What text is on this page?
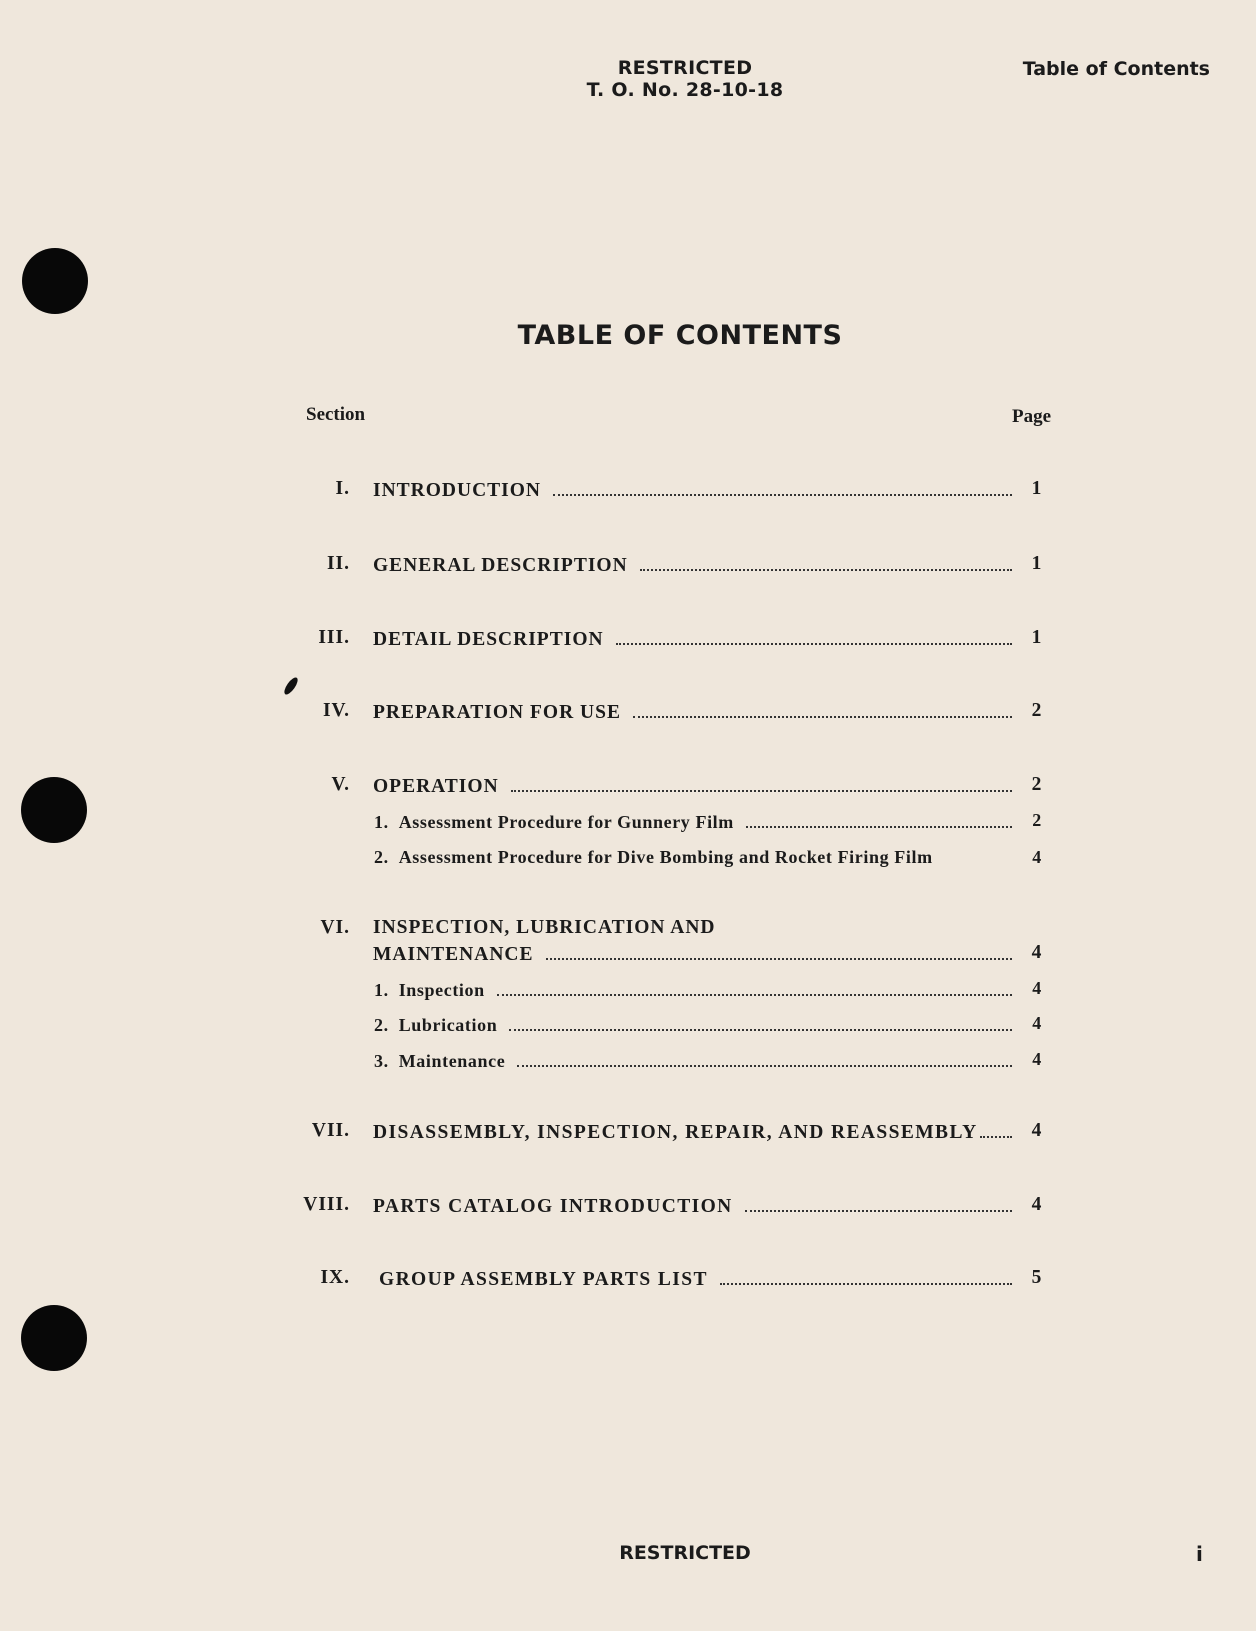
RESTRICTED
T. O. No. 28-10-18
Table of Contents
TABLE OF CONTENTS
Section	Page
I. INTRODUCTION	1
II. GENERAL DESCRIPTION	1
III. DETAIL DESCRIPTION	1
IV. PREPARATION FOR USE	2
V. OPERATION	2
1. Assessment Procedure for Gunnery Film	2
2. Assessment Procedure for Dive Bombing and Rocket Firing Film	4
VI. INSPECTION, LUBRICATION AND
MAINTENANCE	4
1. Inspection	4
2. Lubrication	4
3. Maintenance	4
VII. DISASSEMBLY, INSPECTION, REPAIR, AND REASSEMBLY	4
VIII. PARTS CATALOG INTRODUCTION	4
IX. GROUP ASSEMBLY PARTS LIST	5
RESTRICTED	i
